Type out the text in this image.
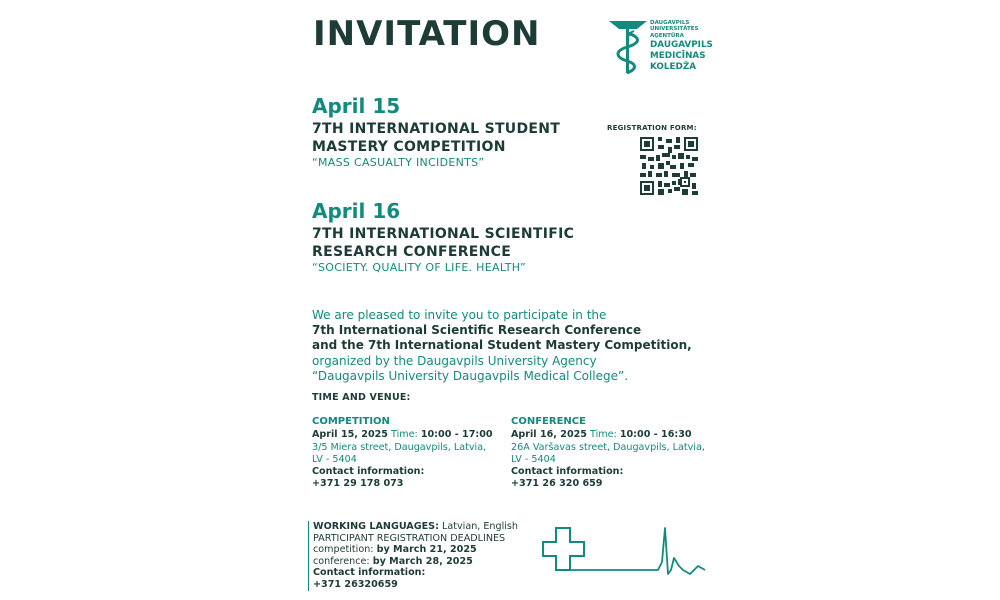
INVITATION	DAUGAVPILS
UNIVERSITĀTES
AĢENTŪRA
DAUGAVPILS
MEDICĪNAS
KOLEDŽA
April 15
7TH INTERNATIONAL STUDENT
MASTERY COMPETITION
“MASS CASUALTY INCIDENTS”
April 16
7TH INTERNATIONAL SCIENTIFIC
RESEARCH CONFERENCE
“SOCIETY. QUALITY OF LIFE. HEALTH”
REGISTRATION FORM:
We are pleased to invite you to participate in the
7th International Scientific Research Conference
and the 7th International Student Mastery Competition,
organized by the Daugavpils University Agency
“Daugavpils University Daugavpils Medical College”.
TIME AND VENUE:
COMPETITION
April 15, 2025 Time: 10:00 - 17:00
3/5 Miera street, Daugavpils, Latvia,
LV - 5404
Contact information:
+371 29 178 073
CONFERENCE
April 16, 2025 Time: 10:00 - 16:30
26A Varšavas street, Daugavpils, Latvia,
LV - 5404
Contact information:
+371 26 320 659
WORKING LANGUAGES: Latvian, English
PARTICIPANT REGISTRATION DEADLINES
competition: by March 21, 2025
conference: by March 28, 2025
Contact information:
+371 26320659
